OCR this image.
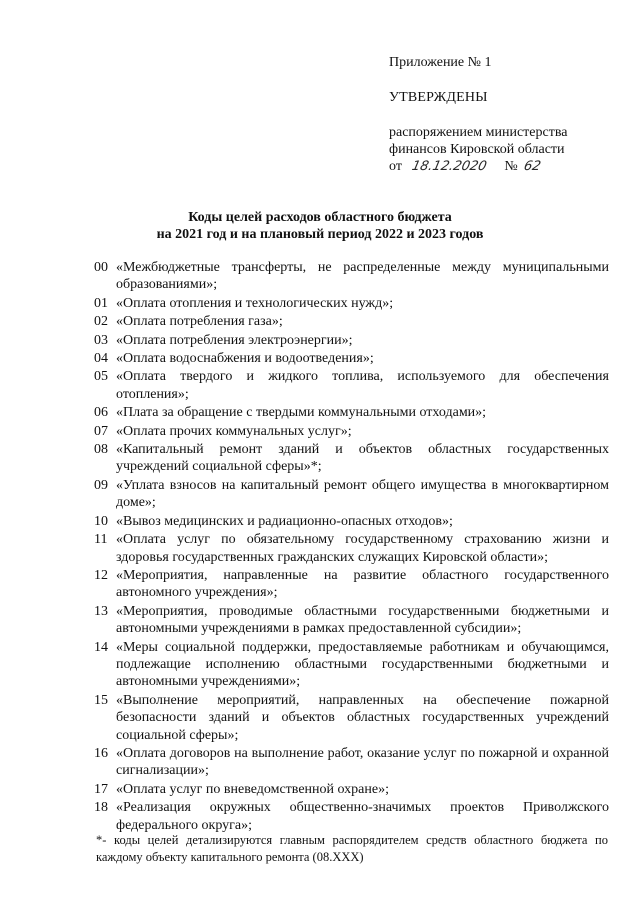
Приложение № 1
УТВЕРЖДЕНЫ
распоряжением министерства
финансов Кировской области
от 18.12.2020 № 62
Коды целей расходов областного бюджета
на 2021 год и на плановый период 2022 и 2023 годов
00 «Межбюджетные трансферты, не распределенные между муниципальными образованиями»;
01 «Оплата отопления и технологических нужд»;
02 «Оплата потребления газа»;
03 «Оплата потребления электроэнергии»;
04 «Оплата водоснабжения и водоотведения»;
05 «Оплата твердого и жидкого топлива, используемого для обеспечения отопления»;
06 «Плата за обращение с твердыми коммунальными отходами»;
07 «Оплата прочих коммунальных услуг»;
08 «Капитальный ремонт зданий и объектов областных государственных учреждений социальной сферы»*;
09 «Уплата взносов на капитальный ремонт общего имущества в многоквартирном доме»;
10 «Вывоз медицинских и радиационно-опасных отходов»;
11 «Оплата услуг по обязательному государственному страхованию жизни и здоровья государственных гражданских служащих Кировской области»;
12 «Мероприятия, направленные на развитие областного государственного автономного учреждения»;
13 «Мероприятия, проводимые областными государственными бюджетными и автономными учреждениями в рамках предоставленной субсидии»;
14 «Меры социальной поддержки, предоставляемые работникам и обучающимся, подлежащие исполнению областными государственными бюджетными и автономными учреждениями»;
15 «Выполнение мероприятий, направленных на обеспечение пожарной безопасности зданий и объектов областных государственных учреждений социальной сферы»;
16 «Оплата договоров на выполнение работ, оказание услуг по пожарной и охранной сигнализации»;
17 «Оплата услуг по вневедомственной охране»;
18 «Реализация окружных общественно-значимых проектов Приволжского федерального округа»;
*- коды целей детализируются главным распорядителем средств областного бюджета по каждому объекту капитального ремонта (08.XXX)
